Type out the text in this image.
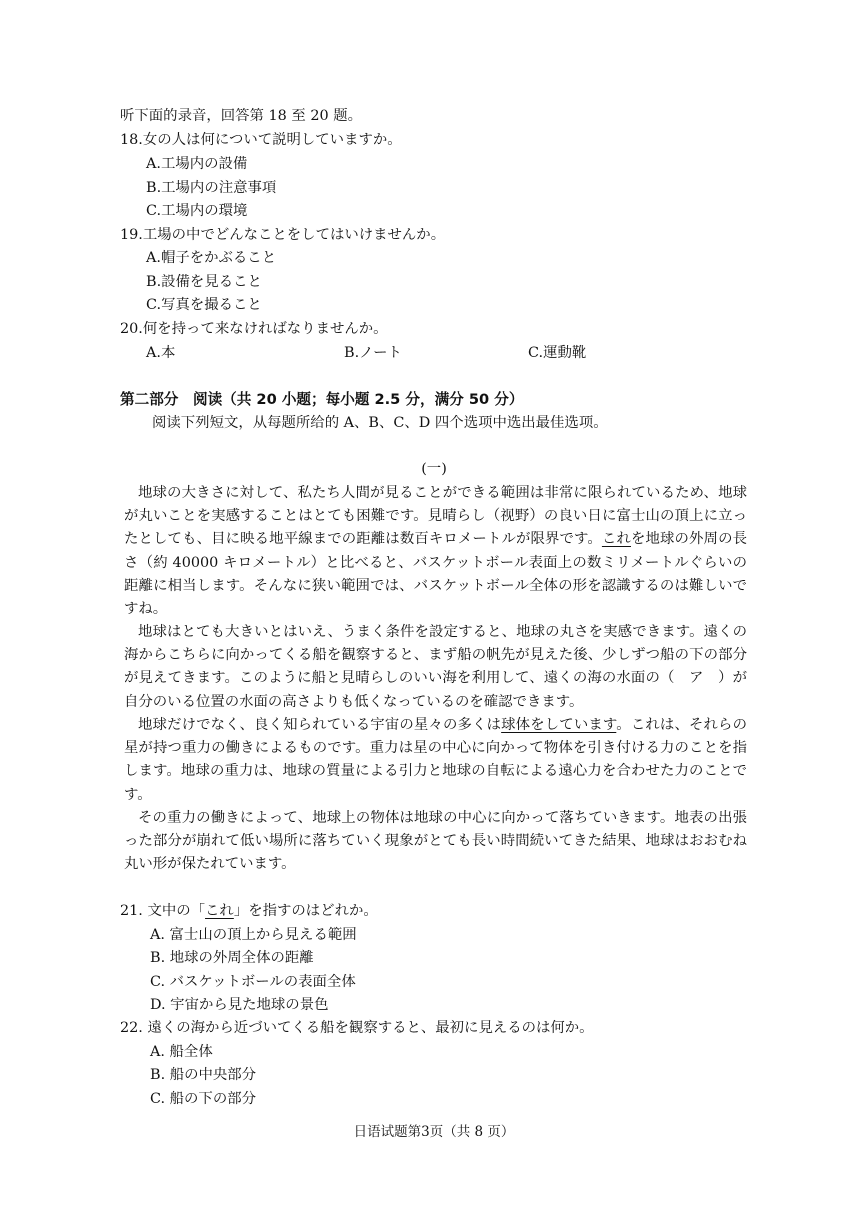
听下面的录音，回答第 18 至 20 题。
18.女の人は何について説明していますか。
A.工場内の設備
B.工場内の注意事項
C.工場内の環境
19.工場の中でどんなことをしてはいけませんか。
A.帽子をかぶること
B.設備を見ること
C.写真を撮ること
20.何を持って来なければなりませんか。
A.本	B.ノート	C.運動靴
第二部分　阅读（共 20 小题；每小题 2.5 分，满分 50 分）
阅读下列短文，从每题所给的 A、B、C、D 四个选项中选出最佳选项。
(一)
地球の大きさに対して、私たち人間が見ることができる範囲は非常に限られているため、地球が丸いことを実感することはとても困難です。見晴らし（视野）の良い日に富士山の頂上に立ったとしても、目に映る地平線までの距離は数百キロメートルが限界です。これを地球の外周の長さ（約 40000 キロメートル）と比べると、バスケットボール表面上の数ミリメートルぐらいの距離に相当します。そんなに狭い範囲では、バスケットボール全体の形を認識するのは難しいですね。
地球はとても大きいとはいえ、うまく条件を設定すると、地球の丸さを実感できます。遠くの海からこちらに向かってくる船を観察すると、まず船の帆先が見えた後、少しずつ船の下の部分が見えてきます。このように船と見晴らしのいい海を利用して、遠くの海の水面の（　ア　）が自分のいる位置の水面の高さよりも低くなっているのを確認できます。
地球だけでなく、良く知られている宇宙の星々の多くは球体をしています。これは、それらの星が持つ重力の働きによるものです。重力は星の中心に向かって物体を引き付ける力のことを指します。地球の重力は、地球の質量による引力と地球の自転による遠心力を合わせた力のことです。
その重力の働きによって、地球上の物体は地球の中心に向かって落ちていきます。地表の出張った部分が崩れて低い場所に落ちていく現象がとても長い時間続いてきた結果、地球はおおむね丸い形が保たれています。
21. 文中の「これ」を指すのはどれか。
A. 富士山の頂上から見える範囲
B. 地球の外周全体の距離
C. バスケットボールの表面全体
D. 宇宙から見た地球の景色
22. 遠くの海から近づいてくる船を観察すると、最初に見えるのは何か。
A. 船全体
B. 船の中央部分
C. 船の下の部分
日语试题第3页（共 8 页）
